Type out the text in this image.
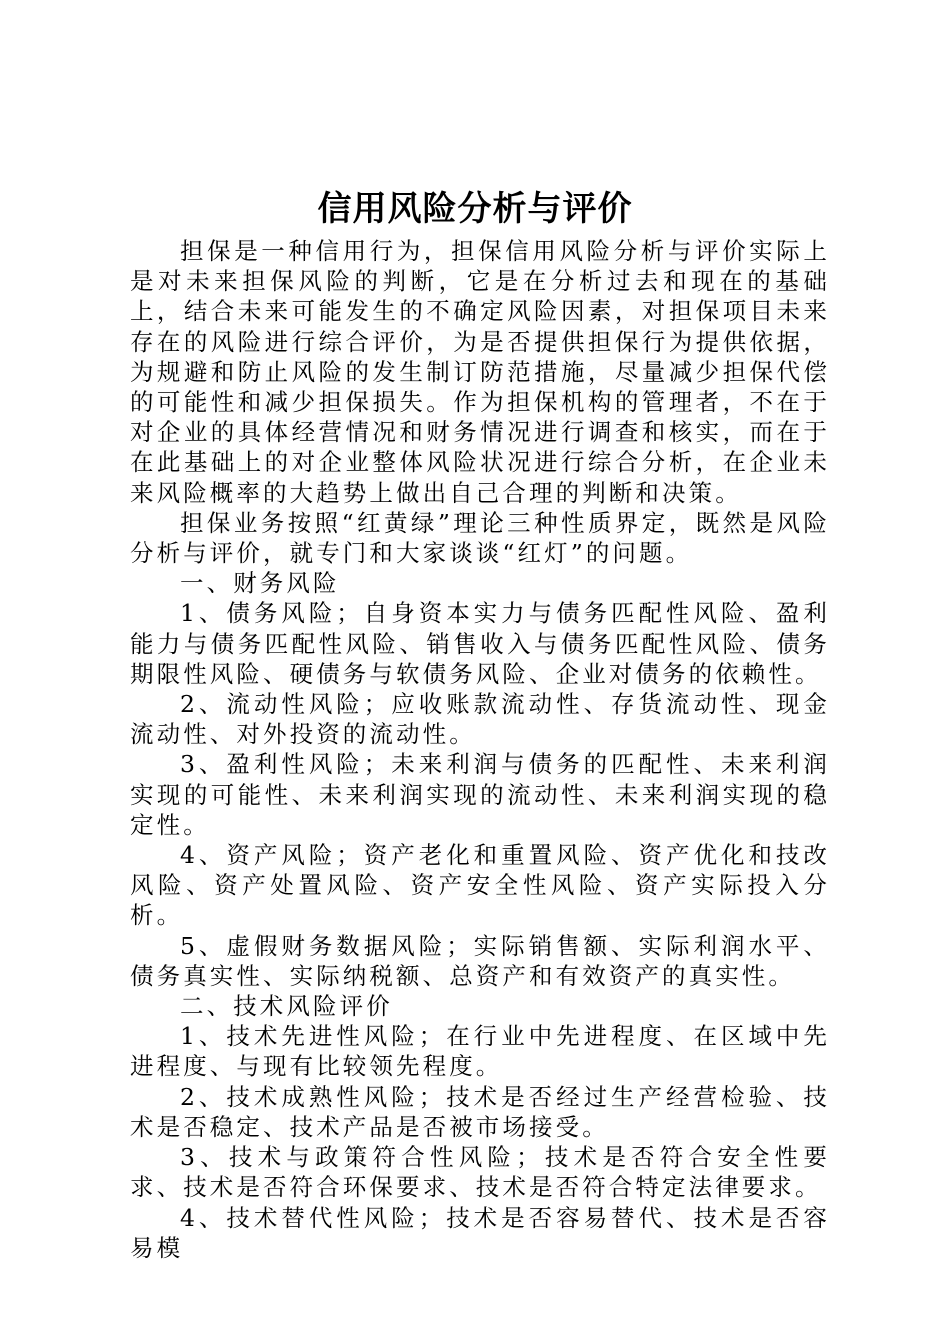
信用风险分析与评价

担保是一种信用行为，担保信用风险分析与评价实际上是对未来担保风险的判断，它是在分析过去和现在的基础上，结合未来可能发生的不确定风险因素，对担保项目未来存在的风险进行综合评价，为是否提供担保行为提供依据，为规避和防止风险的发生制订防范措施，尽量减少担保代偿的可能性和减少担保损失。作为担保机构的管理者，不在于对企业的具体经营情况和财务情况进行调查和核实，而在于在此基础上的对企业整体风险状况进行综合分析，在企业未来风险概率的大趋势上做出自己合理的判断和决策。

担保业务按照“红黄绿”理论三种性质界定，既然是风险分析与评价，就专门和大家谈谈“红灯”的问题。

一、财务风险

1、债务风险；自身资本实力与债务匹配性风险、盈利能力与债务匹配性风险、销售收入与债务匹配性风险、债务期限性风险、硬债务与软债务风险、企业对债务的依赖性。

2、流动性风险；应收账款流动性、存货流动性、现金流动性、对外投资的流动性。

3、盈利性风险；未来利润与债务的匹配性、未来利润实现的可能性、未来利润实现的流动性、未来利润实现的稳定性。

4、资产风险；资产老化和重置风险、资产优化和技改风险、资产处置风险、资产安全性风险、资产实际投入分析。

5、虚假财务数据风险；实际销售额、实际利润水平、债务真实性、实际纳税额、总资产和有效资产的真实性。

二、技术风险评价

1、技术先进性风险；在行业中先进程度、在区域中先进程度、与现有比较领先程度。

2、技术成熟性风险；技术是否经过生产经营检验、技术是否稳定、技术产品是否被市场接受。

3、技术与政策符合性风险；技术是否符合安全性要求、技术是否符合环保要求、技术是否符合特定法律要求。

4、技术替代性风险；技术是否容易替代、技术是否容易模
